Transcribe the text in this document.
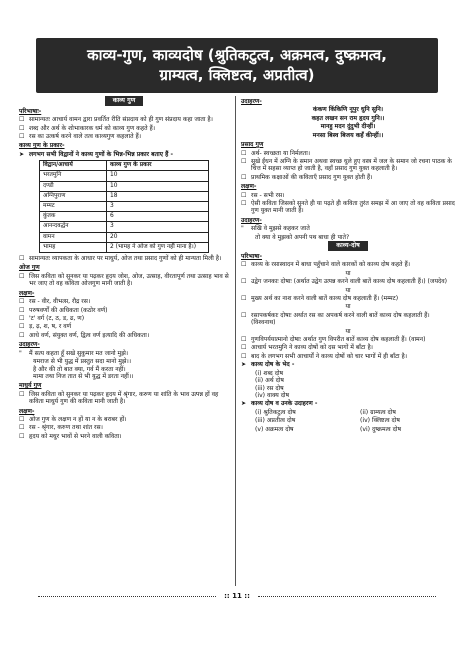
काव्य-गुण, काव्यदोष (श्रुतिकटुत्व, अक्रमत्व, दुष्क्रमत्व,
ग्राम्यत्व, क्लिष्टत्व, अप्रतीत्व)
काव्य गुण
परिभाषाः-
☐ सामान्यतः आचार्य वामन द्वारा प्रवर्तित रीति संप्रदाय को ही गुण संप्रदाय कहा जाता है।
☐ शब्द और अर्थ के शोभाकारक धर्म को काव्य गुण कहते हैं।
☐ रस का उत्कर्ष करने वाले तत्व काव्यगुण कहलाते हैं।
काव्य गुण के प्रकार-
➤ लगभग सभी विद्वानों ने काव्य गुणों के भिन्न-भिन्न प्रकार बताए हैं -
विद्वान/आचार्य	काव्य गुण के प्रकार
भरतमुनि	10
दण्डी	10
अग्निपुराण	18
मम्मट	3
कुंतक	6
आनन्दवर्द्धन	3
वामन	20
भामह	2 (भामह ने ओज को गुण नहीं माना है।)
☐ सामान्यतः व्यापकता के आधार पर माधुर्य, ओज तथा प्रसाद गुणों को ही मान्यता मिली है।
ओज गुण
☐ जिस कविता को सुनकर या पढ़कर हृदय जोश, ओज, उत्साह, वीरतापूर्ण तथा उत्साह भाव से भर जाए तो वह कविता ओजगुण मानी जाती है।
लक्षण-
☐ रस - वीर, वीभत्स, रौद्र रस।
☐ परुषवर्णों की अधिकता (कठोर वर्ण)
☐ 'ट' वर्ग (ट, ठ, ड, ढ, ण)
☐ ड़, ढ़, श, ष, र वर्ण
☐ आधे वर्ण, संयुक्त वर्ण, द्वित्व वर्ण इत्यादि की अधिकता।
उदाहरण-
"	मैं सत्य कहता हूँ सखे सुकुमार मत जानो मुझे।
यमराज से भी युद्ध में प्रस्तुत सदा मानो मुझे।।
है और की तो बात क्या, गर्व मैं करता नहीं।
मामा तथा निज तात से भी युद्ध में डरता नहीं।।
माधुर्य गुण
☐ जिस कविता को सुनकर या पढ़कर हृदय में श्रृंगार, करुण या शांति के भाव उत्पन्न हों वह कविता माधुर्य गुण की कविता मानी जाती है।
लक्षण-
☐ ओज गुण के लक्षण न हों या न के बराबर हों।
☐ रस - श्रृंगार, करुण तथा शांत रस।
☐ हृदय को मधुर भावों से भरने वाली कविता।
उदाहरण-
कंकण किंकिणि नूपुर धुनि सुनि।
कहत लखन सन राम हृदय गुनि।।
मानहु मदन दुंदुभी दीन्हीं।
मनसा बिस्व बिजय कहँ कीन्हीं।।
प्रसाद गुण
☐ अर्थ- स्वच्छता या निर्मलता।
☐ सूखे ईंधन में अग्नि के समान अथवा स्वच्छ धुले हुए वस्त्र में जल के समान जो रचना पाठक के चित्त में सहसा व्याप्त हो जाती है, वहाँ प्रसाद गुण युक्त कहलाती है।
☐ प्राथमिक कक्षाओं की कविताएँ प्रसाद गुण युक्त होती हैं।
लक्षण-
☐ रस - सभी रस।
☐ ऐसी कविता जिसको सुनते ही या पढ़ते ही कविता तुरंत समझ में आ जाए तो वह कविता प्रसाद गुण युक्त मानी जाती है।
उदाहरण-
"	सखि वे मुझसे कहकर जाते
तो क्या वे मुझको अपनी पथ बाधा ही पाते?
काव्य-दोष
परिभाषा-
☐ काव्य के रसास्वादन में बाधा पहुँचाने वाले कारकों को काव्य दोष कहते हैं।
या
☐ उद्वेग जनकाः दोषाः (अर्थात उद्वेग उत्पन्न करने वाली बातें काव्य दोष कहलाती हैं।) (जयदेव)
या
☐ मुख्य अर्थ का नाश करने वाली बातें काव्य दोष कहलाती हैं। (मम्मट)
या
☐ रसापकर्षकाः दोषाः अर्थात रस का अपकर्ष करने वाली बातें काव्य दोष कहलाती हैं। (विश्वनाथ)
या
☐ गुणविपर्ययात्मानो दोषाः अर्थात गुण विपरीत बातें काव्य दोष कहलाती हैं। (वामन)
☐ आचार्य भरतमुनि ने काव्य दोषों को दस भागों में बाँटा है।
☐ बाद के लगभग सभी आचार्यों ने काव्य दोषों को चार भागों में ही बाँटा है।
➤ काव्य दोष के भेद -
(i) शब्द दोष
(ii) अर्थ दोष
(iii) रस दोष
(iv) वाक्य दोष
➤ काव्य दोष व उनके उदाहरण -
(i) श्रुतिकटुत्व दोष	(ii) ग्राम्यत्व दोष
(iii) अप्रतीत्व दोष	(iv) क्लिष्टत्व दोष
(v) अक्रमत्व दोष	(vi) दुष्क्रमत्व दोष
:: 11 ::
